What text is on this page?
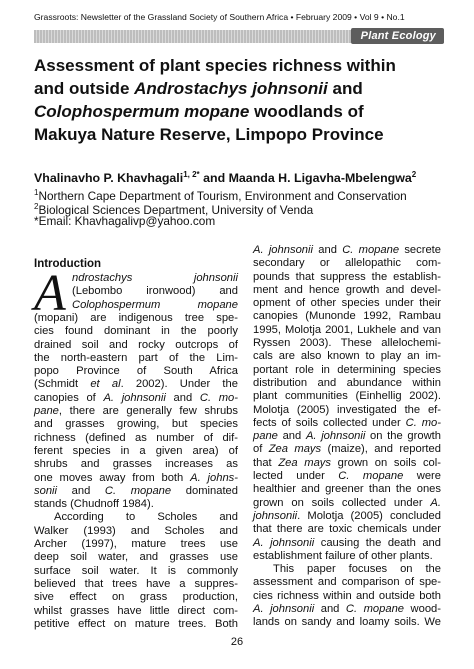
Grassroots: Newsletter of the Grassland Society of Southern Africa • February 2009 • Vol 9 • No.1
Plant Ecology
Assessment of plant species richness within
and outside Androstachys johnsonii and
Colophospermum mopane woodlands of
Makuya Nature Reserve, Limpopo Province
Vhalinavho P. Khavhagali$^{1, 2*}$ and Maanda H. Ligavha-Mbelengwa$^2$
$^1$Northern Cape Department of Tourism, Environment and Conservation
$^2$Biological Sciences Department, University of Venda
*Email: Khavhagalivp@yahoo.com
Introduction
A ndrostachys johnsonii
(Lebombo ironwood) and
Colophospermum mopane
(mopani) are indigenous tree spe-
cies found dominant in the poorly
drained soil and rocky outcrops of
the north-eastern part of the Lim-
popo Province of South Africa
(Schmidt et al. 2002). Under the
canopies of A. johnsonii and C. mo-
pane, there are generally few shrubs
and grasses growing, but species
richness (defined as number of dif-
ferent species in a given area) of
shrubs and grasses increases as
one moves away from both A. johns-
sonii and C. mopane dominated
stands (Chudnoff 1984).
According to Scholes and
Walker (1993) and Scholes and
Archer (1997), mature trees use
deep soil water, and grasses use
surface soil water. It is commonly
believed that trees have a suppres-
sive effect on grass production,
whilst grasses have little direct com-
petitive effect on mature trees. Both
A. johnsonii and C. mopane secrete
secondary or allelopathic com-
pounds that suppress the establish-
ment and hence growth and devel-
opment of other species under their
canopies (Munonde 1992, Rambau
1995, Molotja 2001, Lukhele and van
Ryssen 2003). These allelochemi-
cals are also known to play an im-
portant role in determining species
distribution and abundance within
plant communities (Einhellig 2002).
Molotja (2005) investigated the ef-
fects of soils collected under C. mo-
pane and A. johnsonii on the growth
of Zea mays (maize), and reported
that Zea mays grown on soils col-
lected under C. mopane were
healthier and greener than the ones
grown on soils collected under A.
johnsonii. Molotja (2005) concluded
that there are toxic chemicals under
A. johnsonii causing the death and
establishment failure of other plants.
This paper focuses on the
assessment and comparison of spe-
cies richness within and outside both
A. johnsonii and C. mopane wood-
lands on sandy and loamy soils. We
26
